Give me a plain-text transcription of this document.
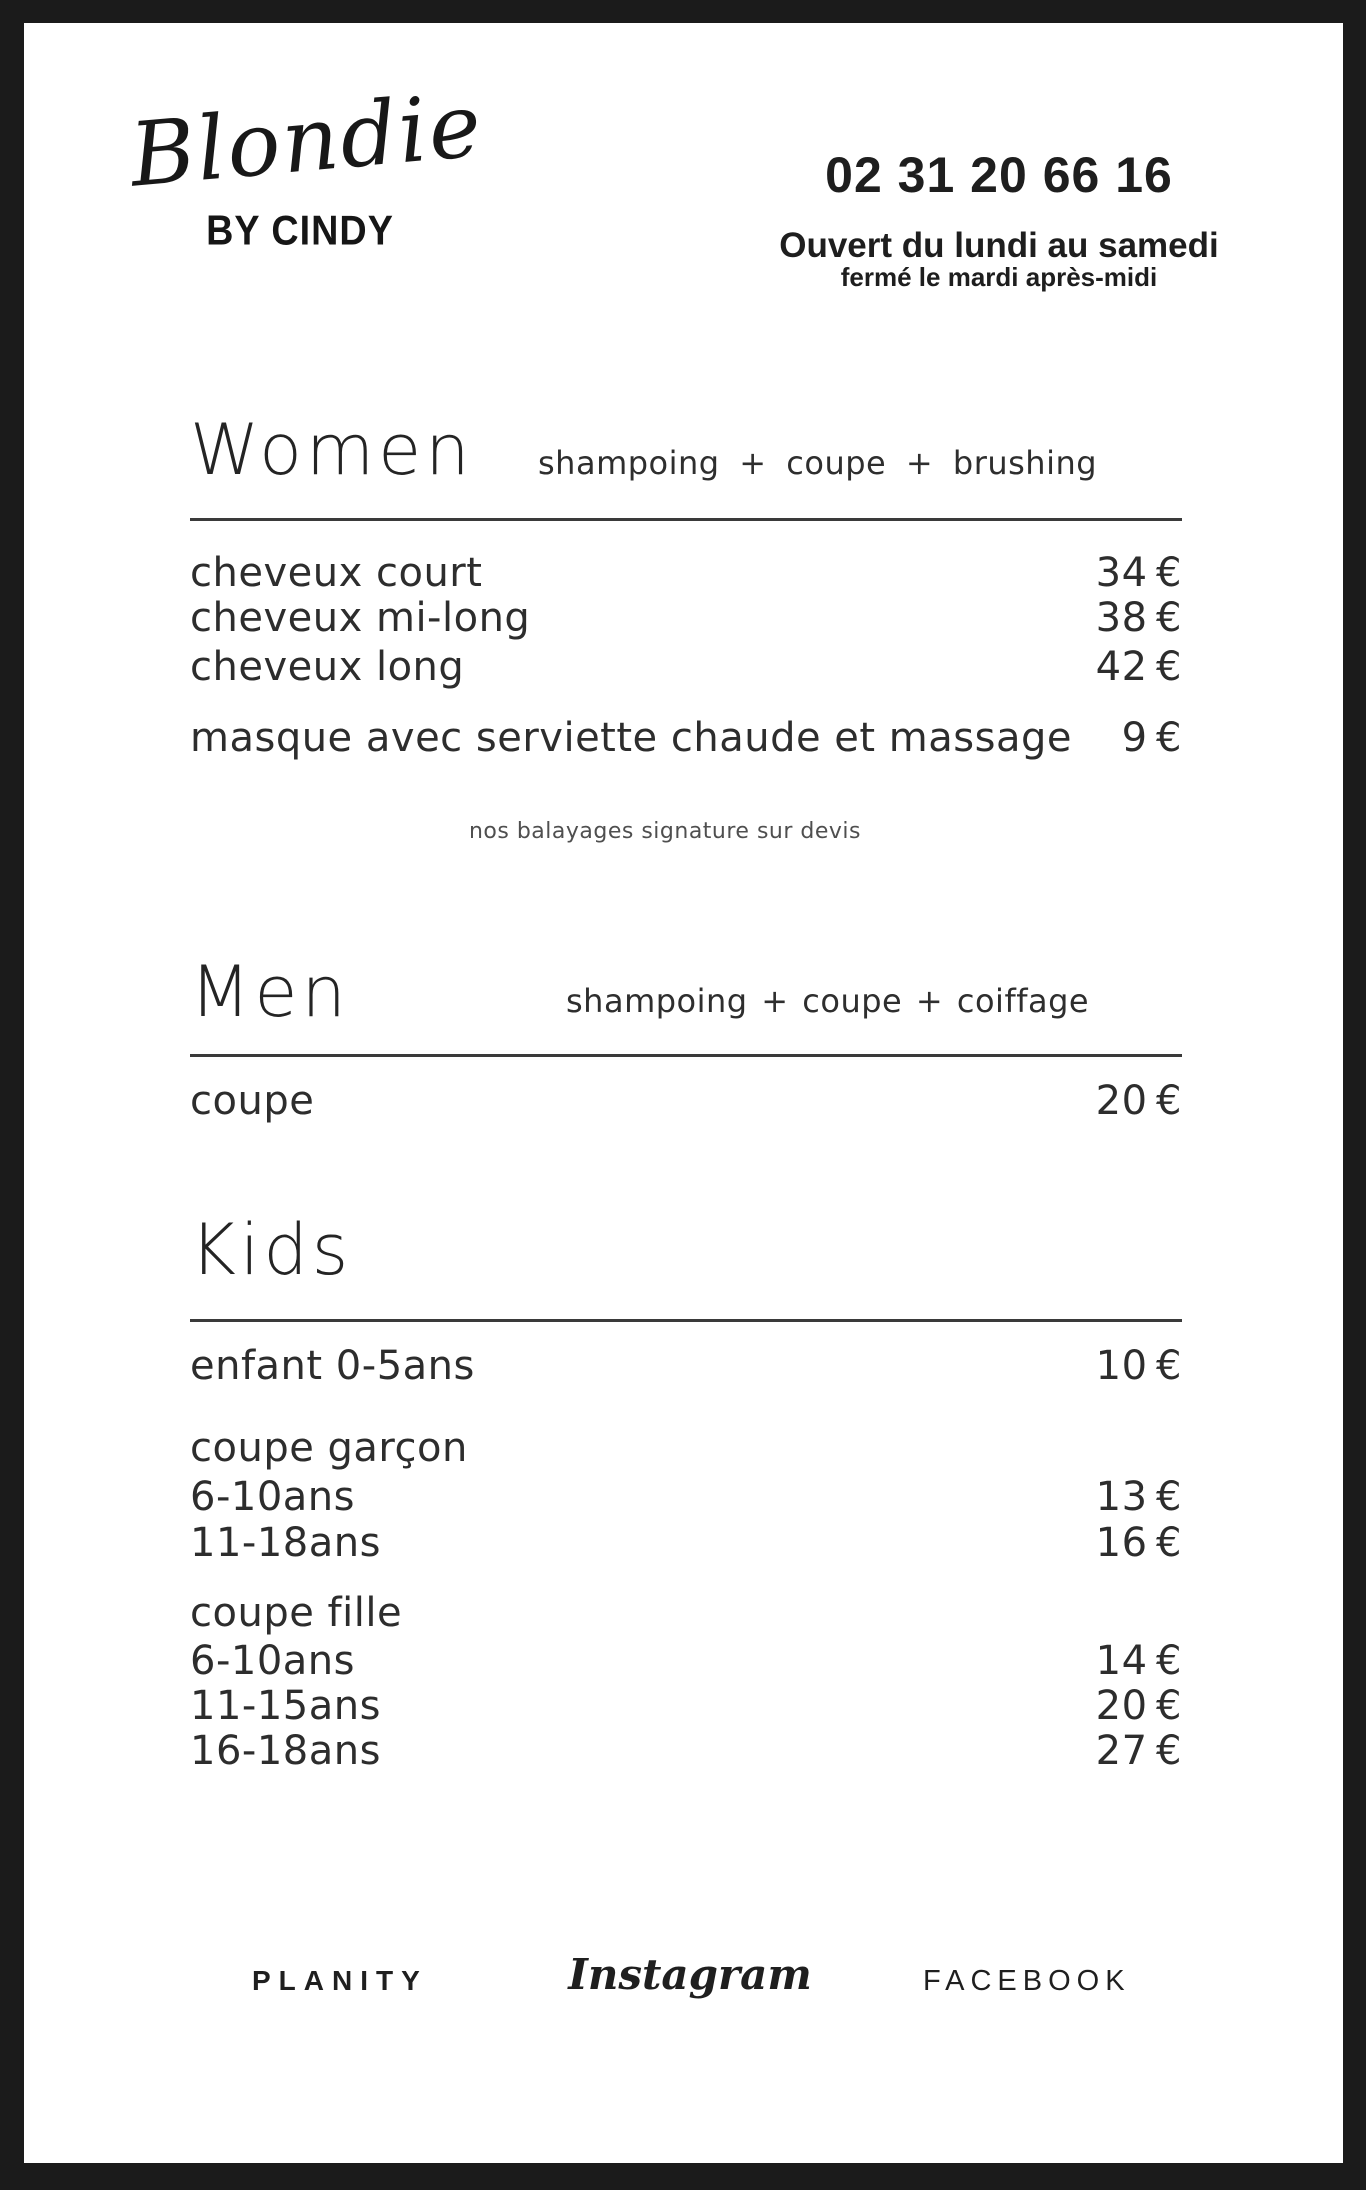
Blondie
BY CINDY
02 31 20 66 16
Ouvert du lundi au samedi
fermé le mardi après-midi
Women shampoing + coupe + brushing
cheveux court	34 €
cheveux mi-long	38 €
cheveux long	42 €
masque avec serviette chaude et massage 9 €
nos balayages signature sur devis
Men	shampoing + coupe + coiffage
coupe	20 €
Kids
enfant 0-5ans	10 €
coupe garçon
6-10ans	13 €
11-18ans	16 €
coupe fille
6-10ans	14 €
11-15ans	20 €
16-18ans	27 €
PLANITY	Instagram	FACEBOOK
